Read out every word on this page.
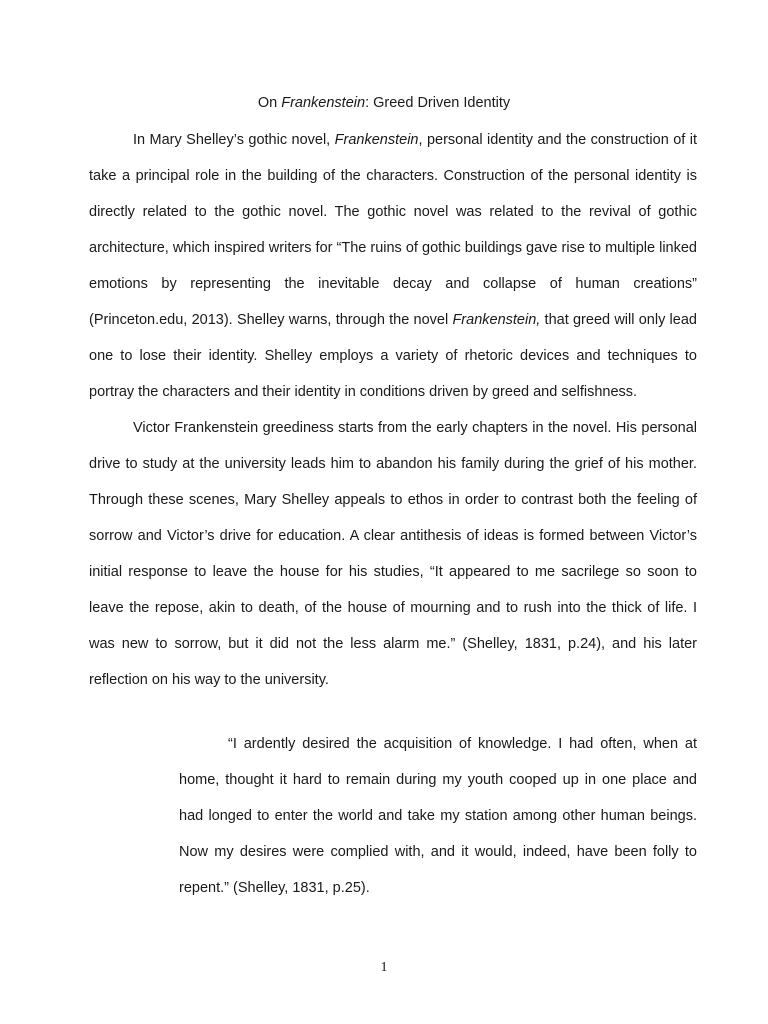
On Frankenstein: Greed Driven Identity

In Mary Shelley’s gothic novel, Frankenstein, personal identity and the construction of it take a principal role in the building of the characters. Construction of the personal identity is directly related to the gothic novel. The gothic novel was related to the revival of gothic architecture, which inspired writers for “The ruins of gothic buildings gave rise to multiple linked emotions by representing the inevitable decay and collapse of human creations” (Princeton.edu, 2013). Shelley warns, through the novel Frankenstein, that greed will only lead one to lose their identity. Shelley employs a variety of rhetoric devices and techniques to portray the characters and their identity in conditions driven by greed and selfishness.

Victor Frankenstein greediness starts from the early chapters in the novel. His personal drive to study at the university leads him to abandon his family during the grief of his mother. Through these scenes, Mary Shelley appeals to ethos in order to contrast both the feeling of sorrow and Victor’s drive for education. A clear antithesis of ideas is formed between Victor’s initial response to leave the house for his studies, “It appeared to me sacrilege so soon to leave the repose, akin to death, of the house of mourning and to rush into the thick of life. I was new to sorrow, but it did not the less alarm me.” (Shelley, 1831, p.24), and his later reflection on his way to the university.

“I ardently desired the acquisition of knowledge. I had often, when at home, thought it hard to remain during my youth cooped up in one place and had longed to enter the world and take my station among other human beings. Now my desires were complied with, and it would, indeed, have been folly to repent.” (Shelley, 1831, p.25).

1
